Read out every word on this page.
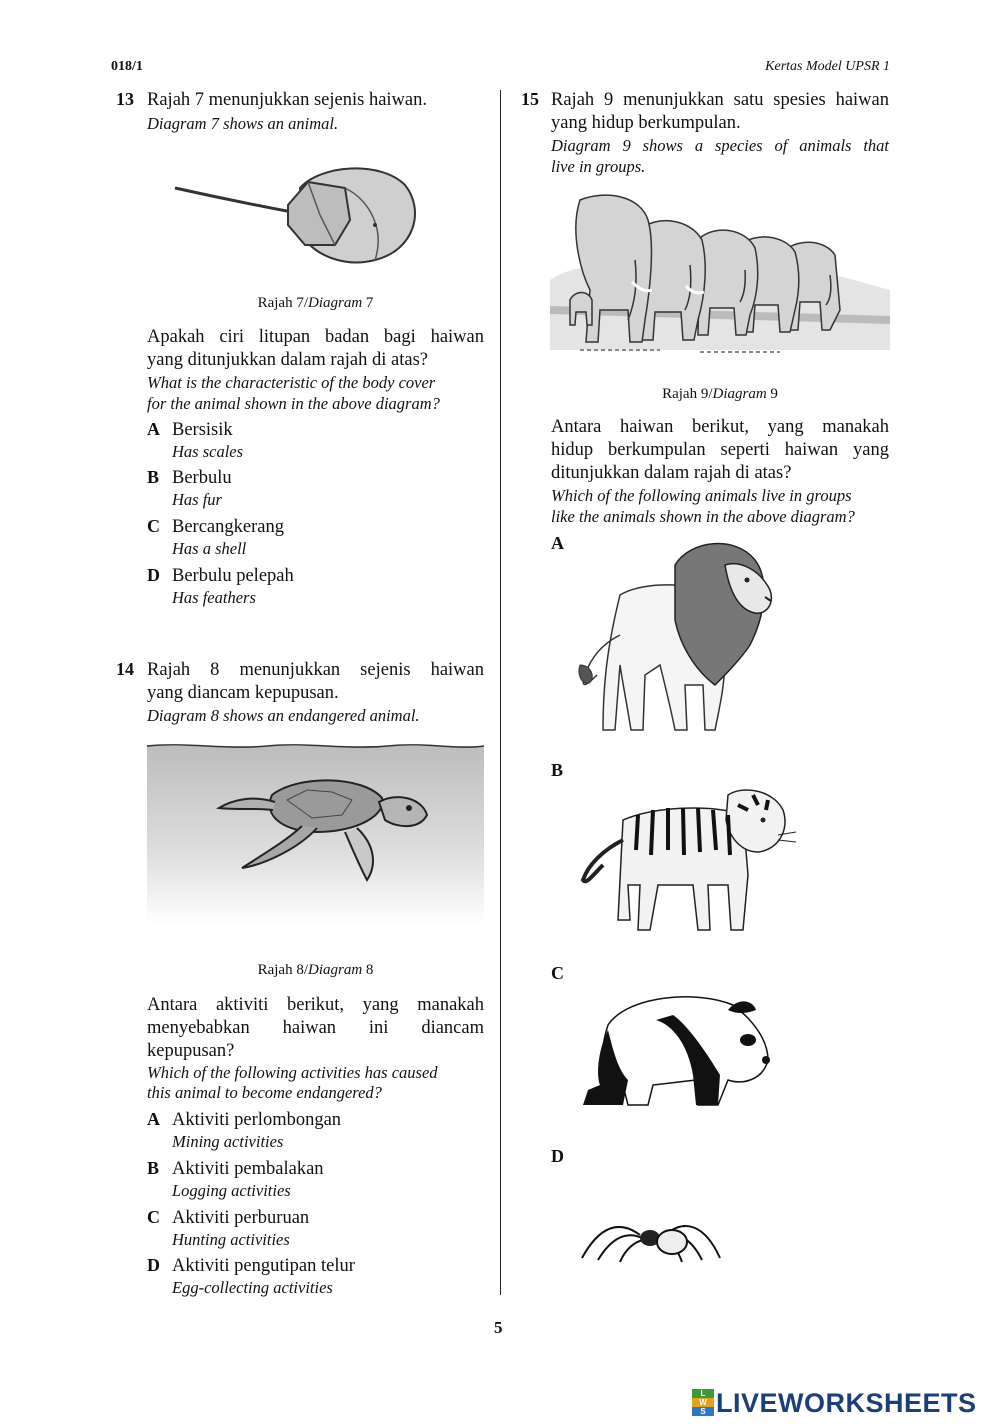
018/1	Kertas Model UPSR 1
13 Rajah 7 menunjukkan sejenis haiwan.
Diagram 7 shows an animal.
Rajah 7/Diagram 7
Apakah ciri litupan badan bagi haiwan
yang ditunjukkan dalam rajah di atas?
What is the characteristic of the body cover
for the animal shown in the above diagram?
A Bersisik
Has scales
B Berbulu
Has fur
C Bercangkerang
Has a shell
D Berbulu pelepah
Has feathers
14 Rajah 8 menunjukkan sejenis haiwan
yang diancam kepupusan.
Diagram 8 shows an endangered animal.
Rajah 8/Diagram 8
Antara aktiviti berikut, yang manakah
menyebabkan haiwan ini diancam
kepupusan?
Which of the following activities has caused
this animal to become endangered?
A Aktiviti perlombongan
Mining activities
B Aktiviti pembalakan
Logging activities
C Aktiviti perburuan
Hunting activities
D Aktiviti pengutipan telur
Egg-collecting activities
15 Rajah 9 menunjukkan satu spesies haiwan
yang hidup berkumpulan.
Diagram 9 shows a species of animals that
live in groups.
Rajah 9/Diagram 9
Antara haiwan berikut, yang manakah
hidup berkumpulan seperti haiwan yang
ditunjukkan dalam rajah di atas?
Which of the following animals live in groups
like the animals shown in the above diagram?
A
B
C
D
5
L
W
S LIVEWORKSHEETS
